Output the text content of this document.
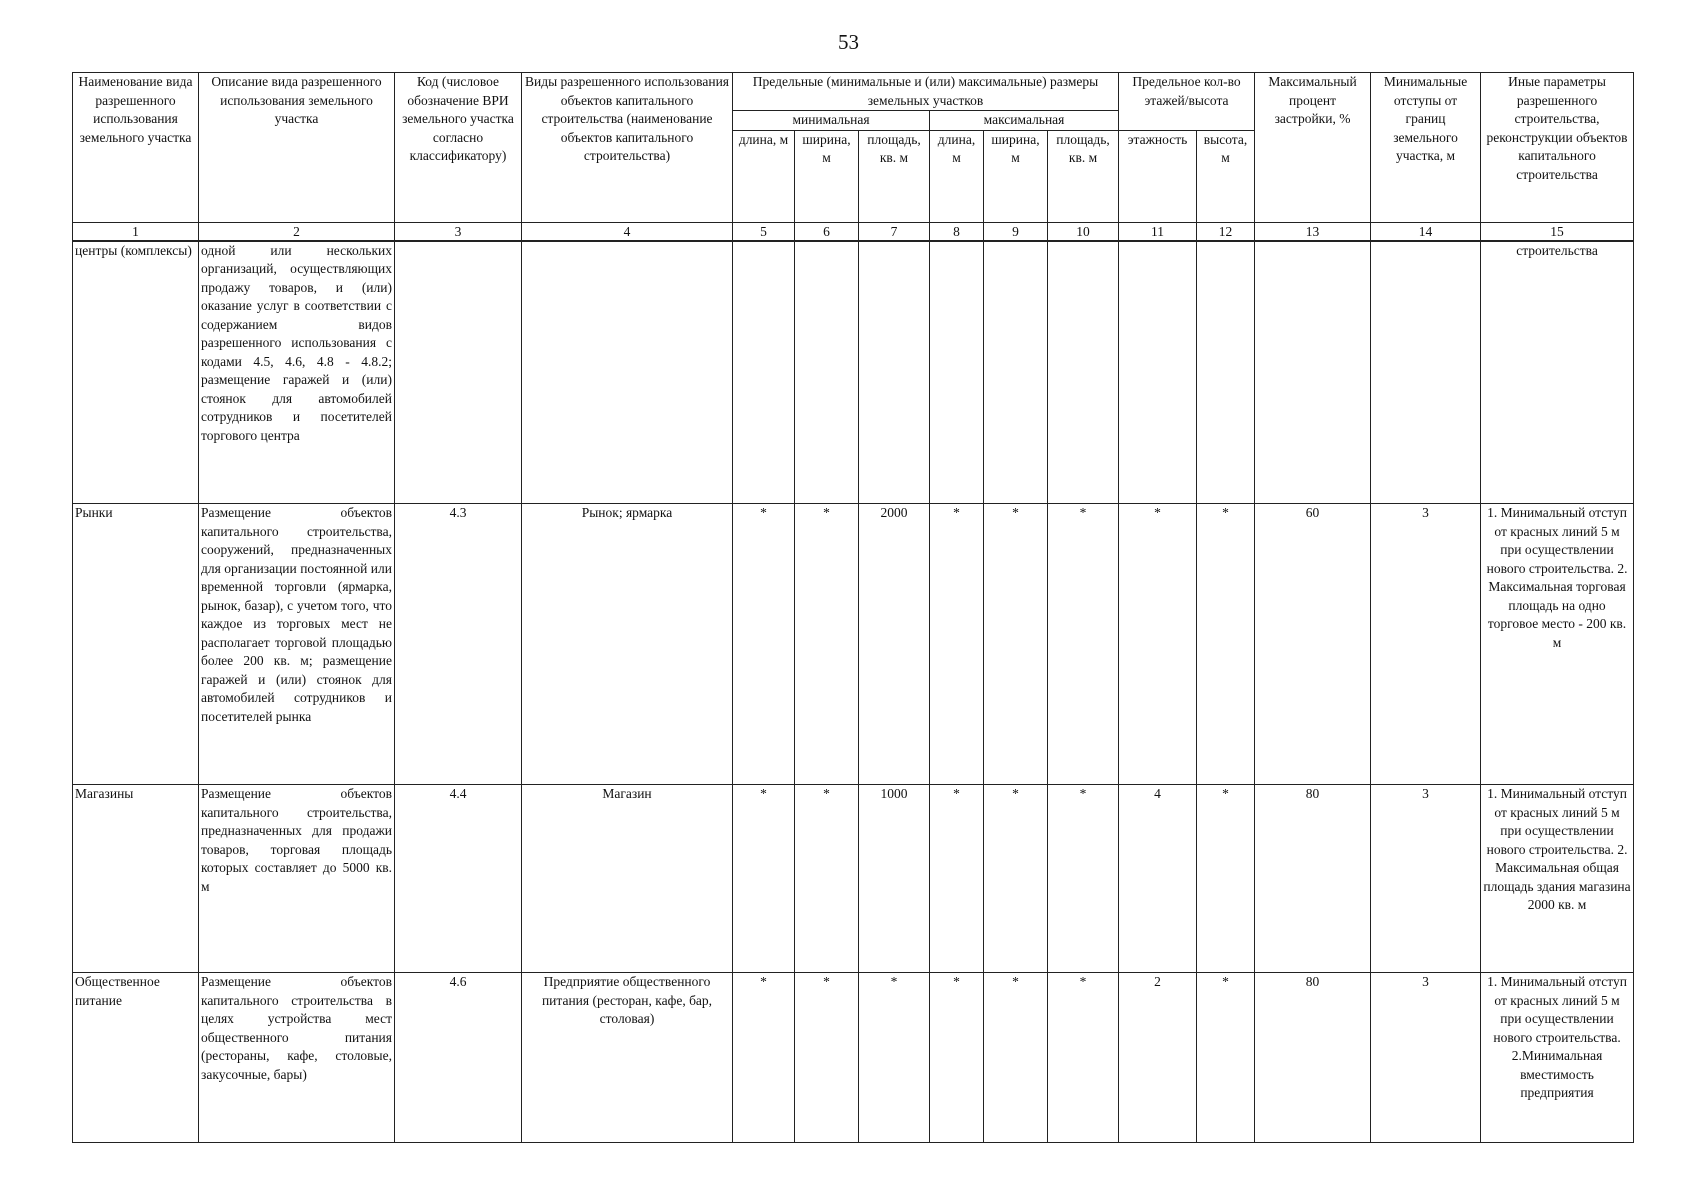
53
Наименование вида разрешенного использования земельного участка	Описание вида разрешенного использования земельного участка	Код (числовое обозначение ВРИ земельного участка согласно классификатору)	Виды разрешенного использования объектов капитального строительства (наименование объектов капитального строительства)	Предельные (минимальные и (или) максимальные) размеры земельных участков						Предельное кол-во этажей/высота		Максимальный процент застройки, %	Минимальные отступы от границ земельного участка, м	Иные параметры разрешенного строительства, реконструкции объектов капитального строительства
				минимальная			максимальная							
				длина, м	ширина, м	площадь, кв. м	длина, м	ширина, м	площадь, кв. м	этажность	высота, м			
1	2	3	4	5	6	7	8	9	10	11	12	13	14	15
центры (комплексы)	одной или нескольких организаций, осуществляющих продажу товаров, и (или) оказание услуг в соответствии с содержанием видов разрешенного использования с кодами 4.5, 4.6, 4.8 - 4.8.2; размещение гаражей и (или) стоянок для автомобилей сотрудников и посетителей торгового центра													строительства
Рынки	Размещение объектов капитального строительства, сооружений, предназначенных для организации постоянной или временной торговли (ярмарка, рынок, базар), с учетом того, что каждое из торговых мест не располагает торговой площадью более 200 кв. м; размещение гаражей и (или) стоянок для автомобилей сотрудников и посетителей рынка	4.3	Рынок; ярмарка	*	*	2000	*	*	*	*	*	60	3	1. Минимальный отступ от красных линий 5 м при осуществлении нового строительства. 2. Максимальная торговая площадь на одно торговое место - 200 кв. м
Магазины	Размещение объектов капитального строительства, предназначенных для продажи товаров, торговая площадь которых составляет до 5000 кв. м	4.4	Магазин	*	*	1000	*	*	*	4	*	80	3	1. Минимальный отступ от красных линий 5 м при осуществлении нового строительства. 2. Максимальная общая площадь здания магазина 2000 кв. м
Общественное питание	Размещение объектов капитального строительства в целях устройства мест общественного питания (рестораны, кафе, столовые, закусочные, бары)	4.6	Предприятие общественного питания (ресторан, кафе, бар, столовая)	*	*	*	*	*	*	2	*	80	3	1. Минимальный отступ от красных линий 5 м при осуществлении нового строительства. 2.Минимальная вместимость предприятия
